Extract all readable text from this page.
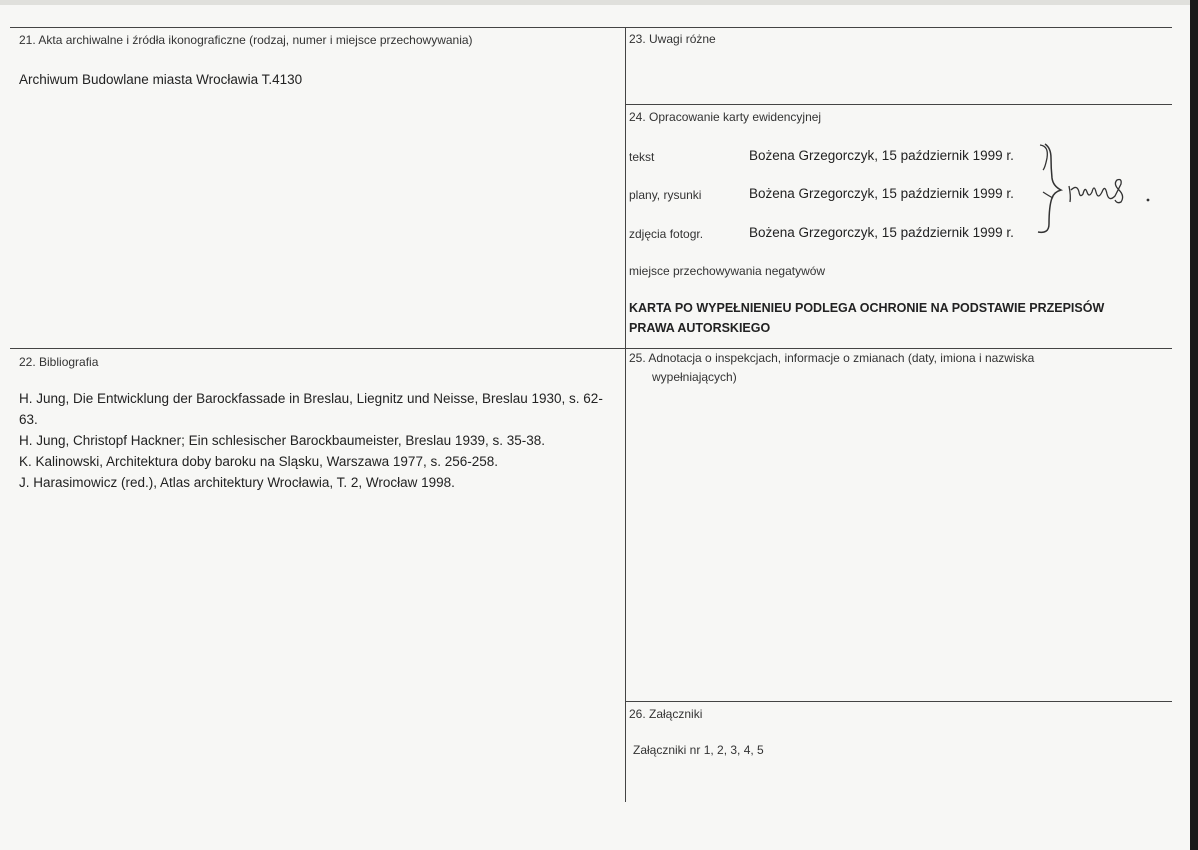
21. Akta archiwalne i źródła ikonograficzne (rodzaj, numer i miejsce przechowywania)
Archiwum Budowlane miasta Wrocławia T.4130
23. Uwagi różne
24. Opracowanie karty ewidencyjnej
tekst	Bożena Grzegorczyk, 15 październik 1999 r.
plany, rysunki	Bożena Grzegorczyk, 15 październik 1999 r.
zdjęcia fotogr.	Bożena Grzegorczyk, 15 październik 1999 r.
miejsce przechowywania negatywów
KARTA PO WYPEŁNIENIEU PODLEGA OCHRONIE NA PODSTAWIE PRZEPISÓW PRAWA AUTORSKIEGO
22. Bibliografia
H. Jung, Die Entwicklung der Barockfassade in Breslau, Liegnitz und Neisse, Breslau 1930, s. 62-63.
H. Jung, Christopf Hackner; Ein schlesischer Barockbaumeister, Breslau 1939, s. 35-38.
K. Kalinowski, Architektura doby baroku na Sląsku, Warszawa 1977, s. 256-258.
J. Harasimowicz (red.), Atlas architektury Wrocławia, T. 2, Wrocław 1998.
25. Adnotacja o inspekcjach, informacje o zmianach (daty, imiona i nazwiska
wypełniających)
26. Załączniki
Załączniki nr 1, 2, 3, 4, 5
